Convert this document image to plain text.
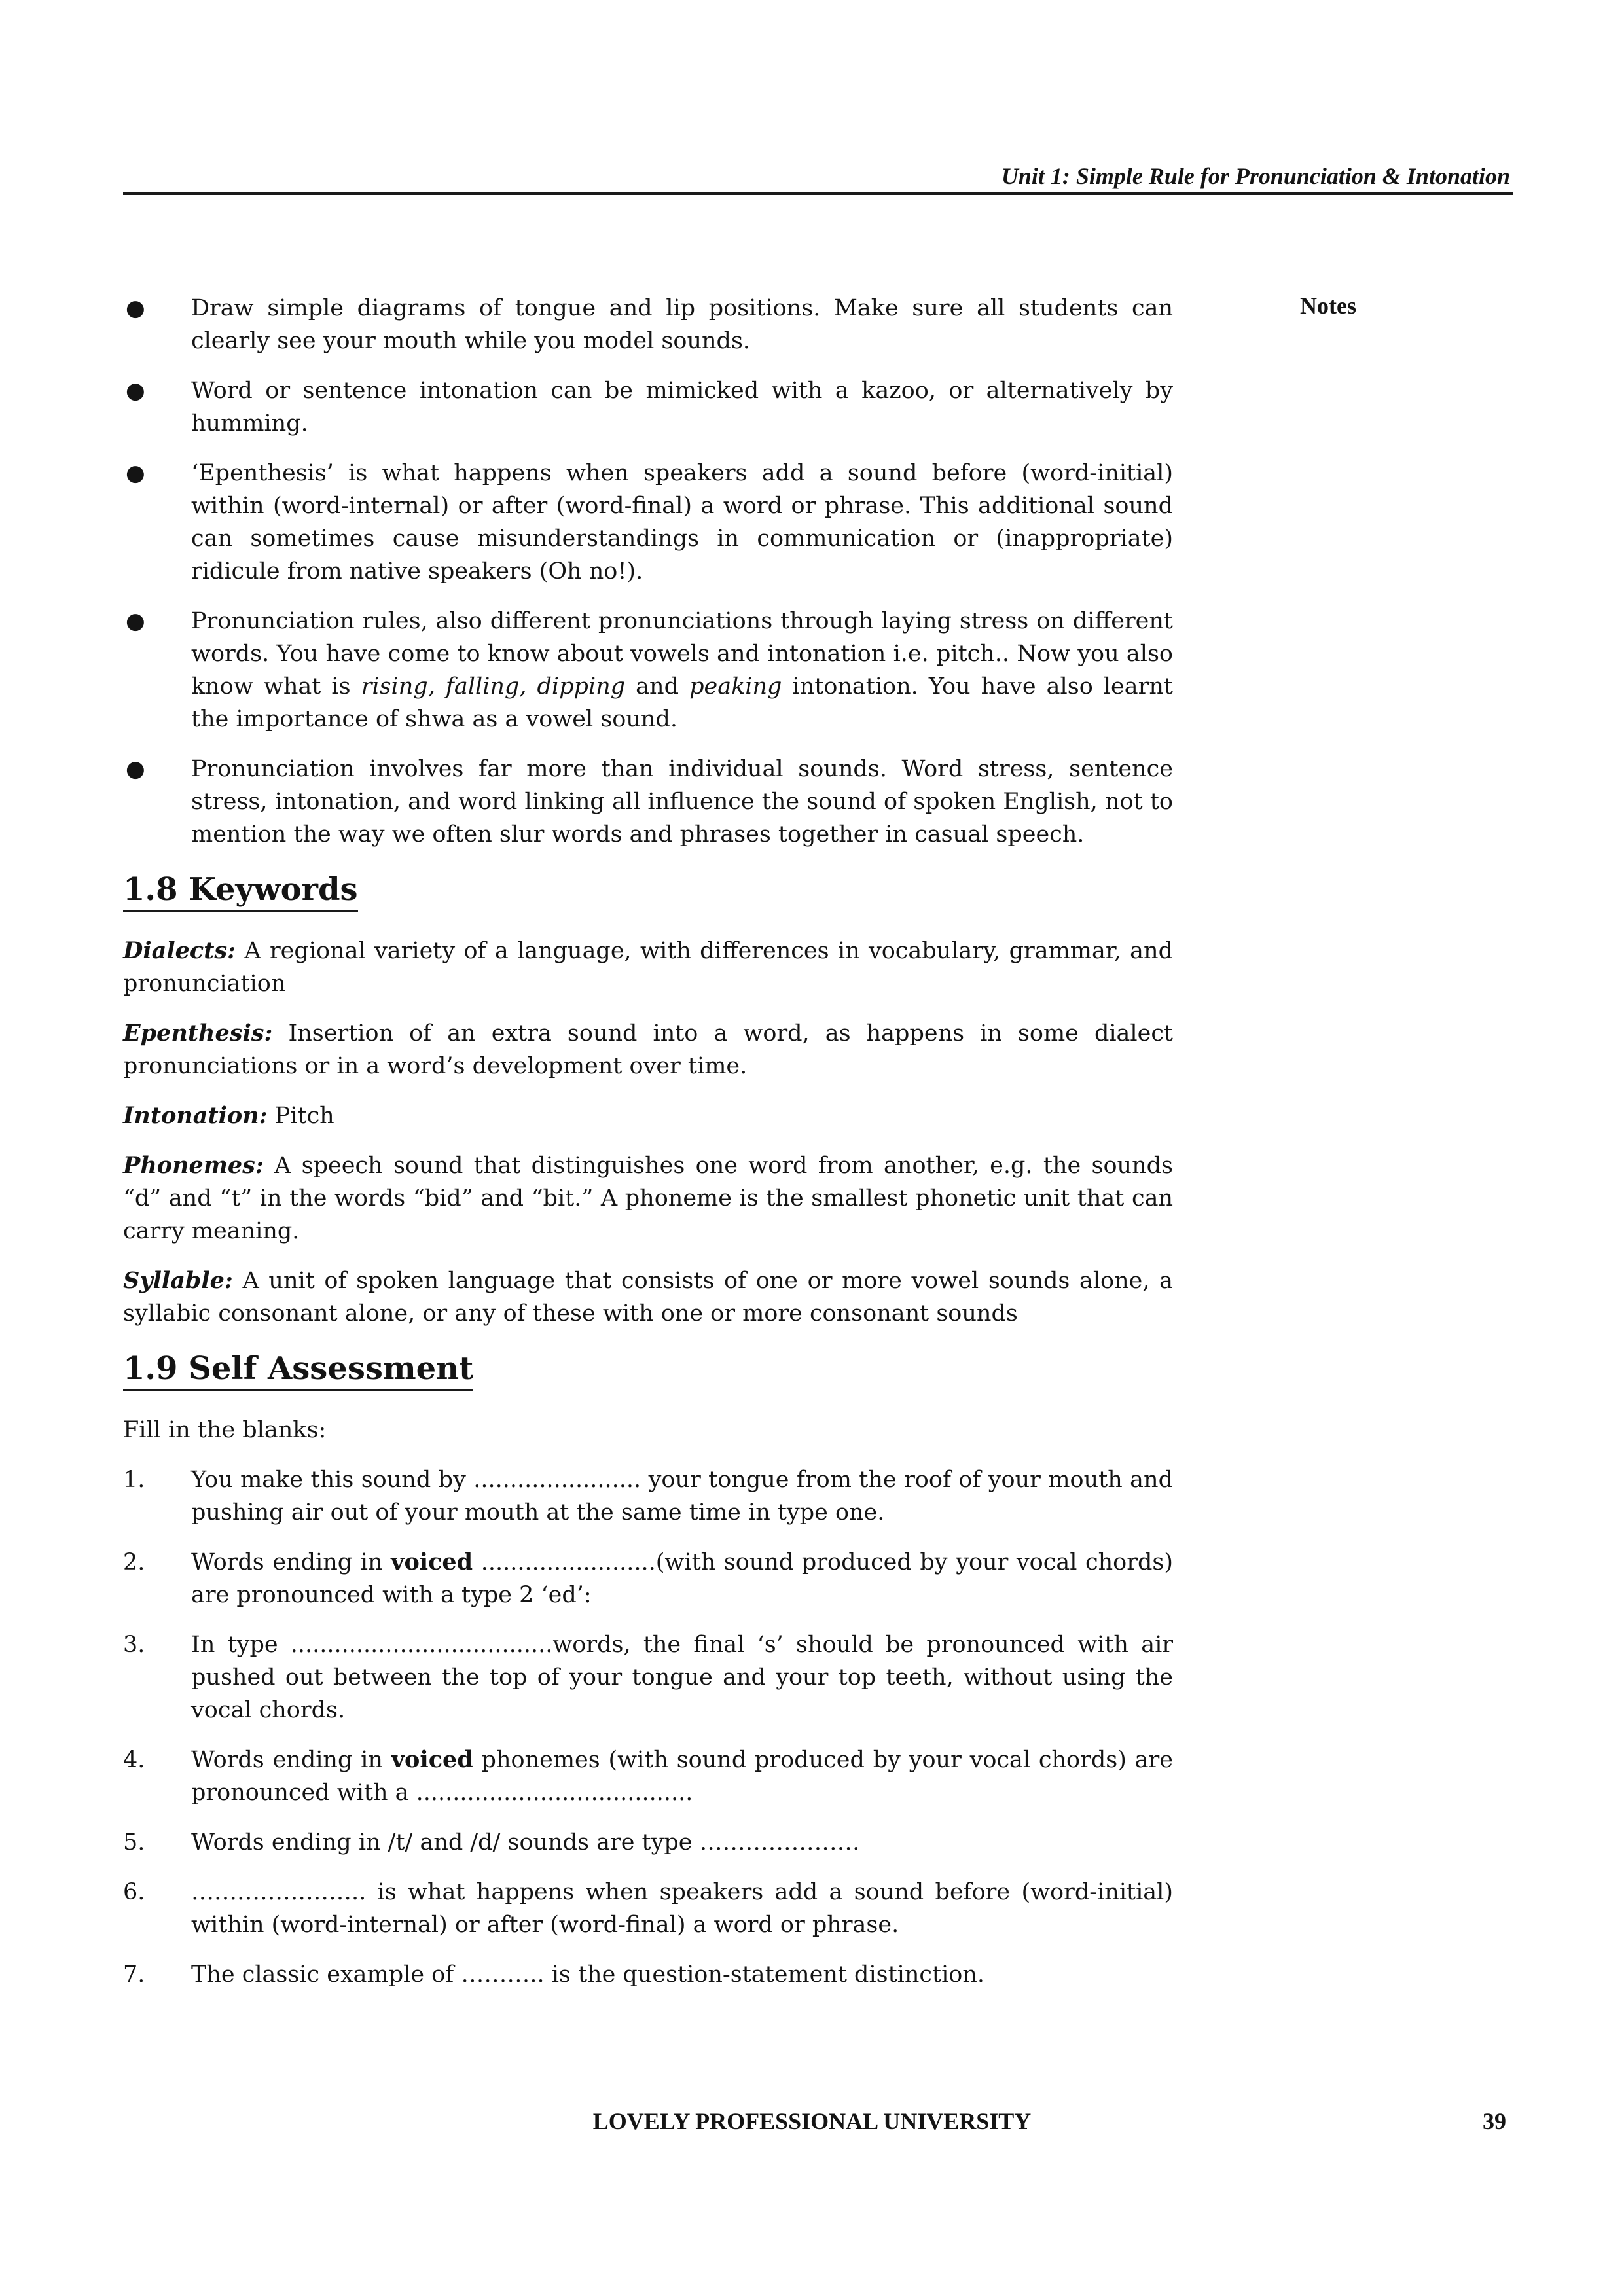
Unit 1: Simple Rule for Pronunciation & Intonation
Notes
● Draw simple diagrams of tongue and lip positions. Make sure all students can clearly see your mouth while you model sounds.
● Word or sentence intonation can be mimicked with a kazoo, or alternatively by humming.
● ‘Epenthesis’ is what happens when speakers add a sound before (word-initial) within (word-internal) or after (word-final) a word or phrase. This additional sound can sometimes cause misunderstandings in communication or (inappropriate) ridicule from native speakers (Oh no!).
● Pronunciation rules, also different pronunciations through laying stress on different words. You have come to know about vowels and intonation i.e. pitch.. Now you also know what is rising, falling, dipping and peaking intonation. You have also learnt the importance of shwa as a vowel sound.
● Pronunciation involves far more than individual sounds. Word stress, sentence stress, intonation, and word linking all influence the sound of spoken English, not to mention the way we often slur words and phrases together in casual speech.
1.8 Keywords

Dialects: A regional variety of a language, with differences in vocabulary, grammar, and pronunciation

Epenthesis: Insertion of an extra sound into a word, as happens in some dialect pronunciations or in a word’s development over time.

Intonation: Pitch

Phonemes: A speech sound that distinguishes one word from another, e.g. the sounds “d” and “t” in the words “bid” and “bit.” A phoneme is the smallest phonetic unit that can carry meaning.

Syllable: A unit of spoken language that consists of one or more vowel sounds alone, a syllabic consonant alone, or any of these with one or more consonant sounds

1.9 Self Assessment

Fill in the blanks:

1. You make this sound by ....................... your tongue from the roof of your mouth and pushing air out of your mouth at the same time in type one.
2. Words ending in voiced ........................(with sound produced by your vocal chords) are pronounced with a type 2 ‘ed’:
3. In type ....................................words, the final ‘s’ should be pronounced with air pushed out between the top of your tongue and your top teeth, without using the vocal chords.
4. Words ending in voiced phonemes (with sound produced by your vocal chords) are pronounced with a ......................................
5. Words ending in /t/ and /d/ sounds are type …………………
6. ………………….. is what happens when speakers add a sound before (word-initial) within (word-internal) or after (word-final) a word or phrase.
7. The classic example of ……….. is the question-statement distinction.
LOVELY PROFESSIONAL UNIVERSITY	39
